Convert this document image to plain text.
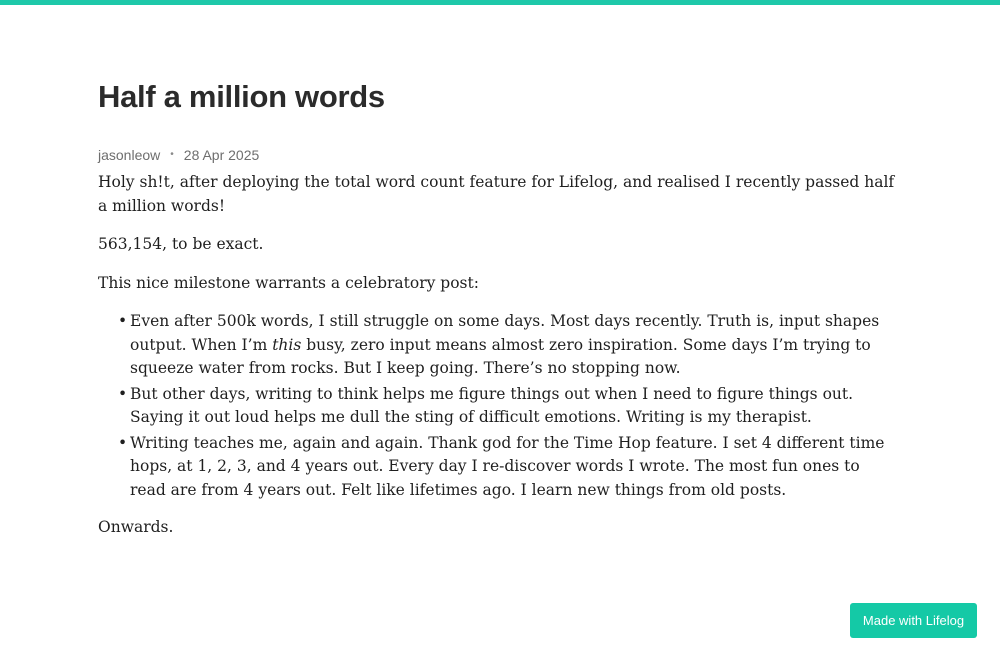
Half a million words
jasonleow • 28 Apr 2025

Holy sh!t, after deploying the total word count feature for Lifelog, and realised I recently passed half a million words!

563,154, to be exact.

This nice milestone warrants a celebratory post:

• Even after 500k words, I still struggle on some days. Most days recently. Truth is, input shapes output. When I’m this busy, zero input means almost zero inspiration. Some days I’m trying to squeeze water from rocks. But I keep going. There’s no stopping now.
• But other days, writing to think helps me figure things out when I need to figure things out. Saying it out loud helps me dull the sting of difficult emotions. Writing is my therapist.
• Writing teaches me, again and again. Thank god for the Time Hop feature. I set 4 different time hops, at 1, 2, 3, and 4 years out. Every day I re-discover words I wrote. The most fun ones to read are from 4 years out. Felt like lifetimes ago. I learn new things from old posts.

Onwards.

Made with Lifelog
